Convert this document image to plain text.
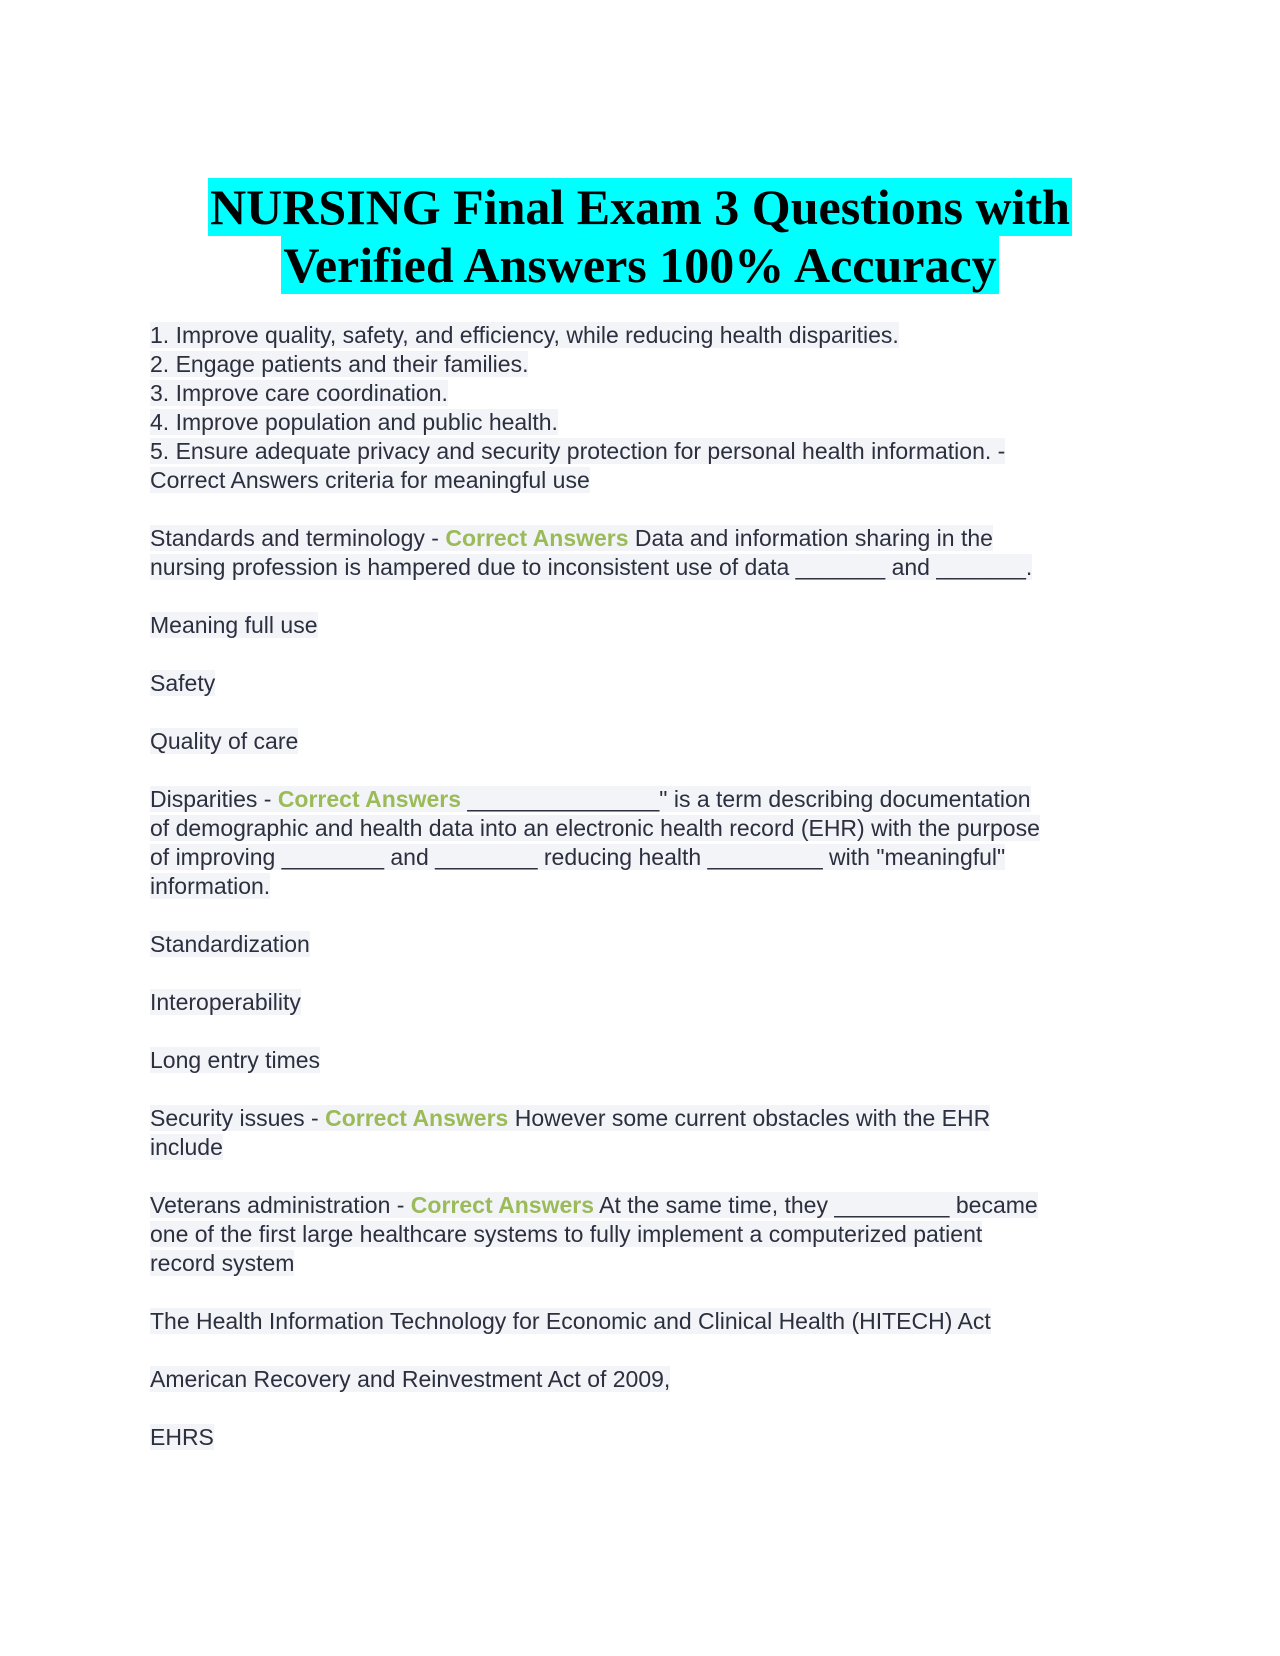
NURSING Final Exam 3 Questions with
Verified Answers 100% Accuracy
1. Improve quality, safety, and efficiency, while reducing health disparities.
2. Engage patients and their families.
3. Improve care coordination.
4. Improve population and public health.
5. Ensure adequate privacy and security protection for personal health information. -
Correct Answers criteria for meaningful use
Standards and terminology - Correct Answers Data and information sharing in the
nursing profession is hampered due to inconsistent use of data _______ and _______.
Meaning full use
Safety
Quality of care
Disparities - Correct Answers _______________" is a term describing documentation
of demographic and health data into an electronic health record (EHR) with the purpose
of improving ________ and ________ reducing health _________ with "meaningful"
information.
Standardization
Interoperability
Long entry times
Security issues - Correct Answers However some current obstacles with the EHR
include
Veterans administration - Correct Answers At the same time, they _________ became
one of the first large healthcare systems to fully implement a computerized patient
record system
The Health Information Technology for Economic and Clinical Health (HITECH) Act
American Recovery and Reinvestment Act of 2009,
EHRS
